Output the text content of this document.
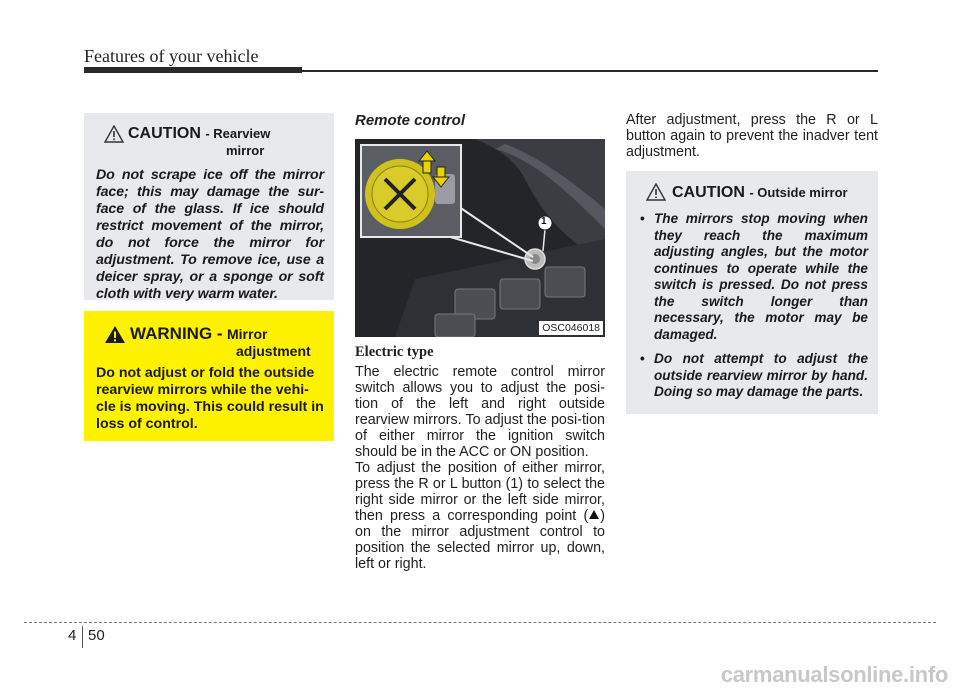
Features of your vehicle
CAUTION - Rearview
mirror
Do not scrape ice off the mirror face; this may damage the sur-face of the glass. If ice should restrict movement of the mirror, do not force the mirror for adjustment. To remove ice, use a deicer spray, or a sponge or soft cloth with very warm water.
WARNING - Mirror
adjustment
Do not adjust or fold the outside rearview mirrors while the vehi-cle is moving. This could result in loss of control.
Remote control
1
OSC046018
Electric type
The electric remote control mirror switch allows you to adjust the posi-tion of the left and right outside rearview mirrors. To adjust the posi-tion of either mirror the ignition switch should be in the ACC or ON position.
To adjust the position of either mirror, press the R or L button (1) to select the right side mirror or the left side mirror, then press a corresponding point ( ) on the mirror adjustment control to position the selected mirror up, down, left or right.
After adjustment, press the R or L button again to prevent the inadver tent adjustment.
CAUTION - Outside mirror
• The mirrors stop moving when they reach the maximum adjusting angles, but the motor continues to operate while the switch is pressed. Do not press the switch longer than necessary, the motor may be damaged.
• Do not attempt to adjust the outside rearview mirror by hand. Doing so may damage the parts.
4 50
carmanualsonline.info
